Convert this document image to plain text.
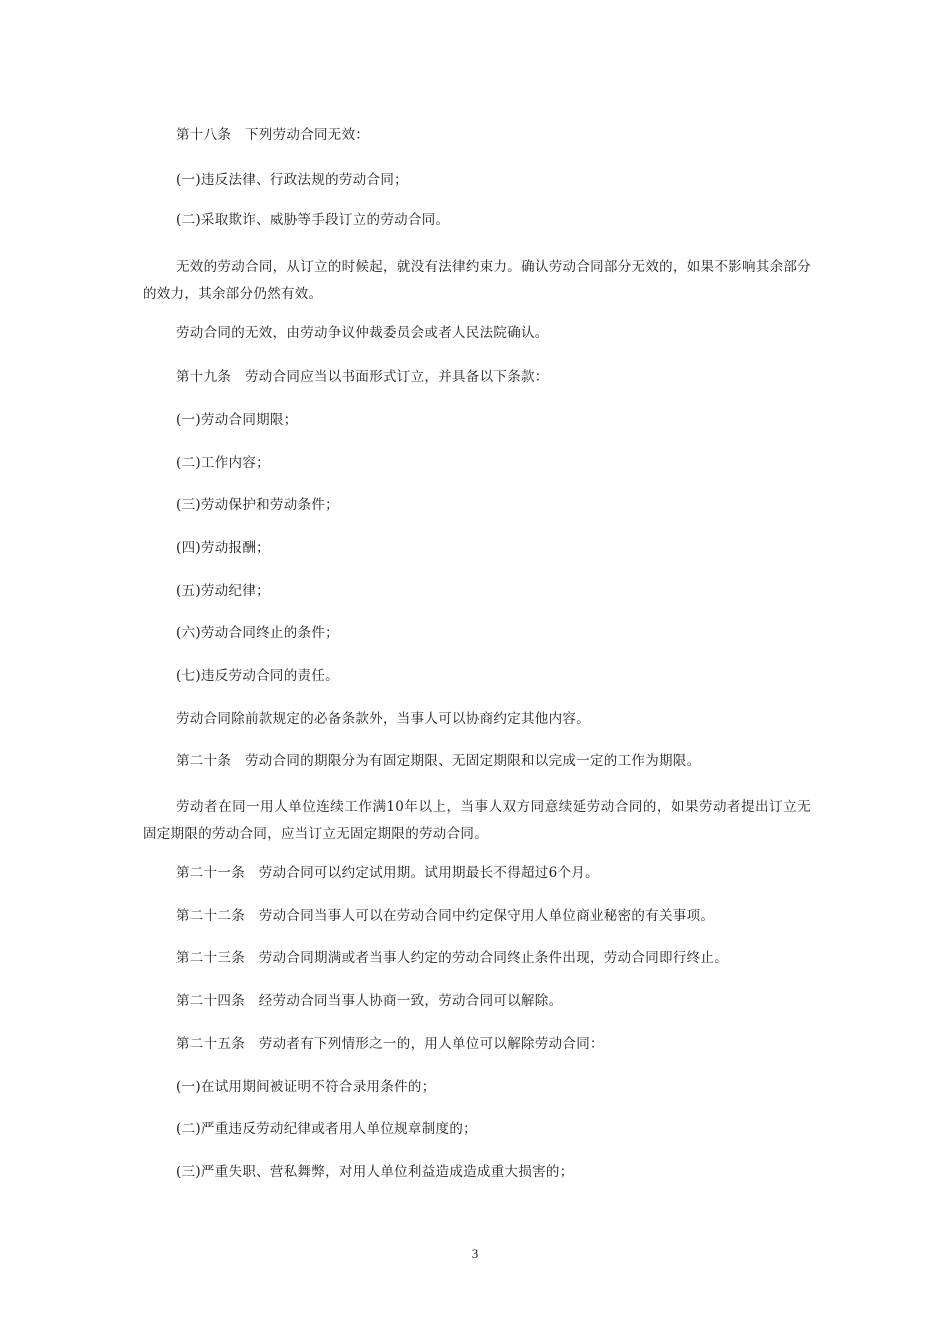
第十八条　下列劳动合同无效：

(一)违反法律、行政法规的劳动合同；

(二)采取欺诈、威胁等手段订立的劳动合同。

无效的劳动合同，从订立的时候起，就没有法律约束力。确认劳动合同部分无效的，如果不影响其余部分的效力，其余部分仍然有效。

劳动合同的无效，由劳动争议仲裁委员会或者人民法院确认。

第十九条　劳动合同应当以书面形式订立，并具备以下条款：

(一)劳动合同期限；

(二)工作内容；

(三)劳动保护和劳动条件；

(四)劳动报酬；

(五)劳动纪律；

(六)劳动合同终止的条件；

(七)违反劳动合同的责任。

劳动合同除前款规定的必备条款外，当事人可以协商约定其他内容。

第二十条　劳动合同的期限分为有固定期限、无固定期限和以完成一定的工作为期限。

劳动者在同一用人单位连续工作满10年以上，当事人双方同意续延劳动合同的，如果劳动者提出订立无固定期限的劳动合同，应当订立无固定期限的劳动合同。

第二十一条　劳动合同可以约定试用期。试用期最长不得超过6个月。

第二十二条　劳动合同当事人可以在劳动合同中约定保守用人单位商业秘密的有关事项。

第二十三条　劳动合同期满或者当事人约定的劳动合同终止条件出现，劳动合同即行终止。

第二十四条　经劳动合同当事人协商一致，劳动合同可以解除。

第二十五条　劳动者有下列情形之一的，用人单位可以解除劳动合同：

(一)在试用期间被证明不符合录用条件的；

(二)严重违反劳动纪律或者用人单位规章制度的；

(三)严重失职、营私舞弊，对用人单位利益造成造成重大损害的；

3
